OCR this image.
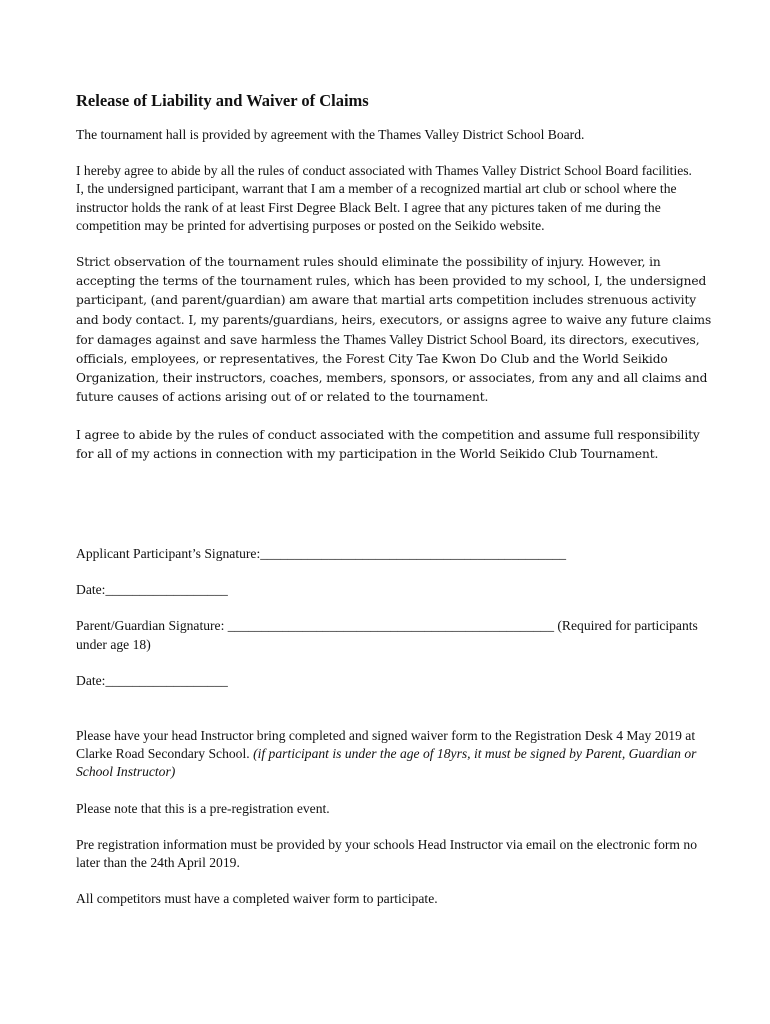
Release of Liability and Waiver of Claims

The tournament hall is provided by agreement with the Thames Valley District School Board.

I hereby agree to abide by all the rules of conduct associated with Thames Valley District School Board facilities.

I, the undersigned participant, warrant that I am a member of a recognized martial art club or school where the instructor holds the rank of at least First Degree Black Belt. I agree that any pictures taken of me during the competition may be printed for advertising purposes or posted on the Seikido website.

Strict observation of the tournament rules should eliminate the possibility of injury. However, in accepting the terms of the tournament rules, which has been provided to my school, I, the undersigned participant, (and parent/guardian) am aware that martial arts competition includes strenuous activity and body contact. I, my parents/guardians, heirs, executors, or assigns agree to waive any future claims for damages against and save harmless the Thames Valley District School Board, its directors, executives, officials, employees, or representatives, the Forest City Tae Kwon Do Club and the World Seikido Organization, their instructors, coaches, members, sponsors, or associates, from any and all claims and future causes of actions arising out of or related to the tournament.

I agree to abide by the rules of conduct associated with the competition and assume full responsibility for all of my actions in connection with my participation in the World Seikido Club Tournament.

Applicant Participant’s Signature:_____________________________________________
Date:__________________
Parent/Guardian Signature: ________________________________________________ (Required for participants under age 18)
Date:__________________

Please have your head Instructor bring completed and signed waiver form to the Registration Desk 4 May 2019 at Clarke Road Secondary School. (if participant is under the age of 18yrs, it must be signed by Parent, Guardian or School Instructor)

Please note that this is a pre-registration event.

Pre registration information must be provided by your schools Head Instructor via email on the electronic form no later than the 24th April 2019.

All competitors must have a completed waiver form to participate.
